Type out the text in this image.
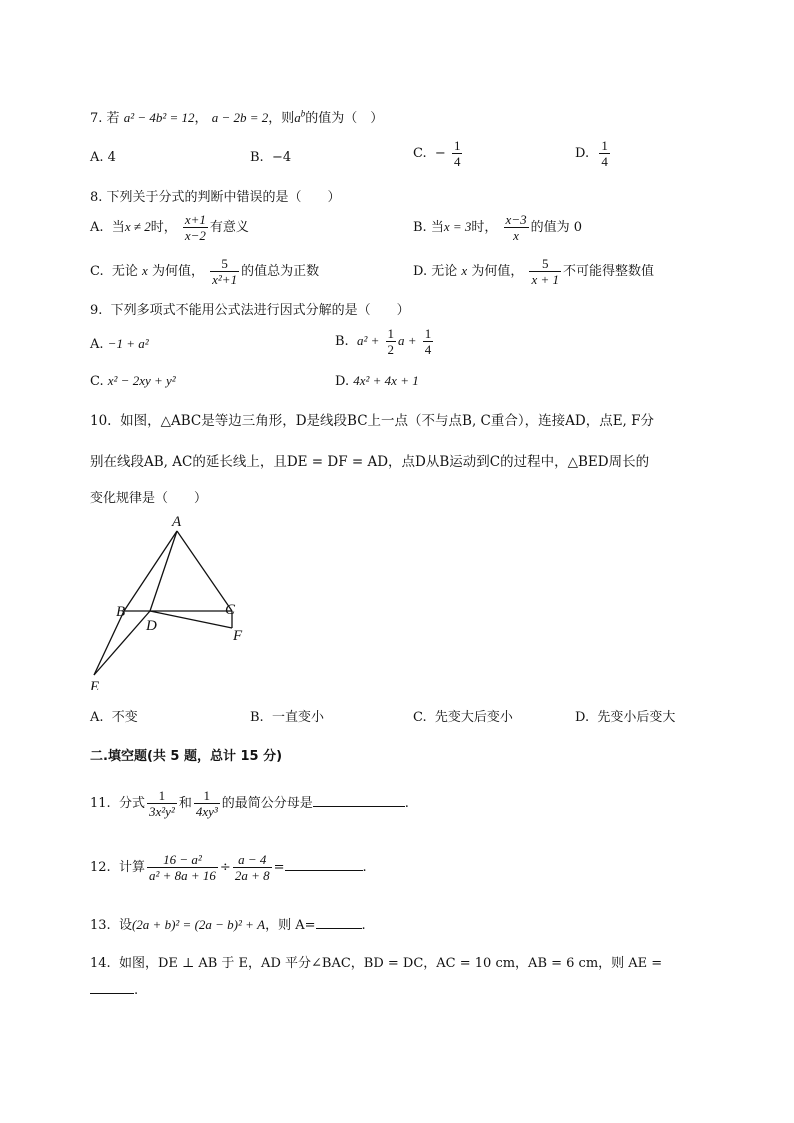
7. 若 a² − 4b² = 12， a − 2b = 2，则$a^b$的值为（　）
A. 4	B. −4	C. − $\frac{1}{4}$	D. $\frac{1}{4}$
8. 下列关于分式的判断中错误的是（　　）
A. 当x ≠ 2时， $\frac{x+1}{x-2}$ 有意义	B. 当x = 3时， $\frac{x-3}{x}$ 的值为 0
C. 无论 x 为何值， $\frac{5}{\text{x²+1}}$ 的值总为正数	D. 无论 x 为何值， $\frac{5}{x + 1}$ 不可能得整数值
9. 下列多项式不能用公式法进行因式分解的是（　　）
A. −1 + a²	B. $a^2 + \frac{1}{2}$ $a + \frac{1}{4}$
C. x² − 2xy + y²	D. 4x² + 4x + 1
10. 如图，△ABC是等边三角形，D是线段BC上一点（不与点B, C重合），连接AD，点E, F分
别在线段AB, AC的延长线上，且DE = DF = AD，点D从B运动到C的过程中，△BED周长的
变化规律是（　　）
A
B	C
D
E
F
A. 不变	B. 一直变小	C. 先变大后变小	D. 先变小后变大
二.填空题(共 5 题，总计 15 分)
11. 分式 $\frac{1}{\text{3x²y²}}$ 和 $\frac{1}{\text{4xy³}}$ 的最简公分母是	.
12. 计算 $\frac{\text{16 − a²}}{\text{a² + 8a + 16}} \div \frac{a - 4}{2a + 8}$ =	.
13. 设(2a + b)² = (2a − b)² + A，则 A=	.
14. 如图，DE ⊥ AB 于 E，AD 平分∠BAC，BD = DC，AC = 10 cm，AB = 6 cm，则 AE =
.
